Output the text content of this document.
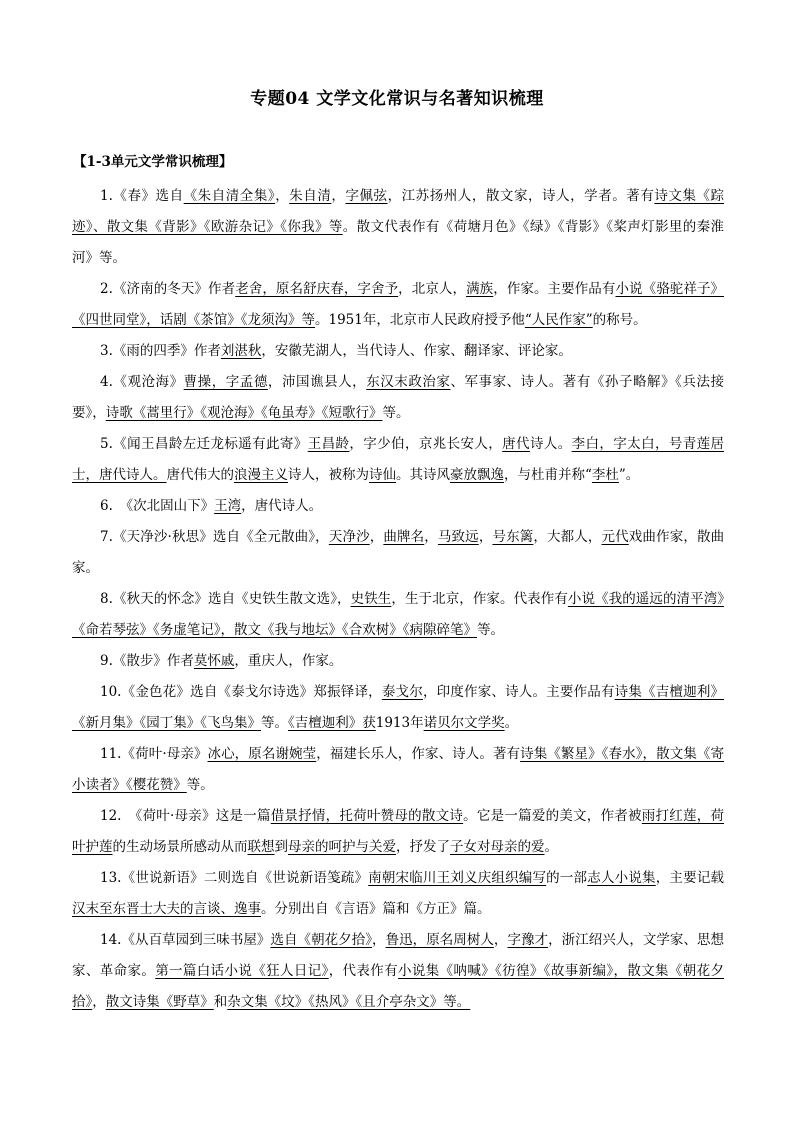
专题04 文学文化常识与名著知识梳理
【1-3单元文学常识梳理】

1.《春》选自《朱自清全集》，朱自清，字佩弦，江苏扬州人，散文家，诗人，学者。著有诗文集《踪迹》、散文集《背影》《欧游杂记》《你我》等。散文代表作有《荷塘月色》《绿》《背影》《桨声灯影里的秦淮河》等。

2.《济南的冬天》作者老舍，原名舒庆春，字舍予，北京人，满族，作家。主要作品有小说《骆驼祥子》《四世同堂》，话剧《茶馆》《龙须沟》等。1951年，北京市人民政府授予他“人民作家”的称号。

3.《雨的四季》作者刘湛秋，安徽芜湖人，当代诗人、作家、翻译家、评论家。

4.《观沧海》曹操，字孟德，沛国谯县人，东汉末政治家、军事家、诗人。著有《孙子略解》《兵法接要》，诗歌《蒿里行》《观沧海》《龟虽寿》《短歌行》等。

5.《闻王昌龄左迁龙标遥有此寄》王昌龄，字少伯，京兆长安人，唐代诗人。李白，字太白，号青莲居士，唐代诗人。唐代伟大的浪漫主义诗人，被称为诗仙。其诗风豪放飘逸，与杜甫并称“李杜”。

6.　《次北固山下》王湾，唐代诗人。

7.《天净沙·秋思》选自《全元散曲》，天净沙，曲牌名，马致远，号东篱，大都人，元代戏曲作家，散曲家。

8.《秋天的怀念》选自《史铁生散文选》，史铁生，生于北京，作家。代表作有小说《我的遥远的清平湾》《命若琴弦》《务虚笔记》，散文《我与地坛》《合欢树》《病隙碎笔》等。

9.《散步》作者莫怀戚，重庆人，作家。

10.《金色花》选自《泰戈尔诗选》郑振铎译，泰戈尔，印度作家、诗人。主要作品有诗集《吉檀迦利》《新月集》《园丁集》《飞鸟集》等。《吉檀迦利》获1913年诺贝尔文学奖。

11.《荷叶·母亲》冰心，原名谢婉莹，福建长乐人，作家、诗人。著有诗集《繁星》《春水》，散文集《寄小读者》《樱花赞》等。

12.　《荷叶·母亲》这是一篇借景抒情，托荷叶赞母的散文诗。它是一篇爱的美文，作者被雨打红莲，荷叶护莲的生动场景所感动从而联想到母亲的呵护与关爱，抒发了子女对母亲的爱。

13.《世说新语》二则选自《世说新语笺疏》南朝宋临川王刘义庆组织编写的一部志人小说集，主要记载汉末至东晋士大夫的言谈、逸事。分别出自《言语》篇和《方正》篇。

14.《从百草园到三味书屋》选自《朝花夕拾》，鲁迅，原名周树人，字豫才，浙江绍兴人，文学家、思想家、革命家。第一篇白话小说《狂人日记》，代表作有小说集《呐喊》《彷徨》《故事新编》，散文集《朝花夕拾》，散文诗集《野草》和杂文集《坟》《热风》《且介亭杂文》等。
